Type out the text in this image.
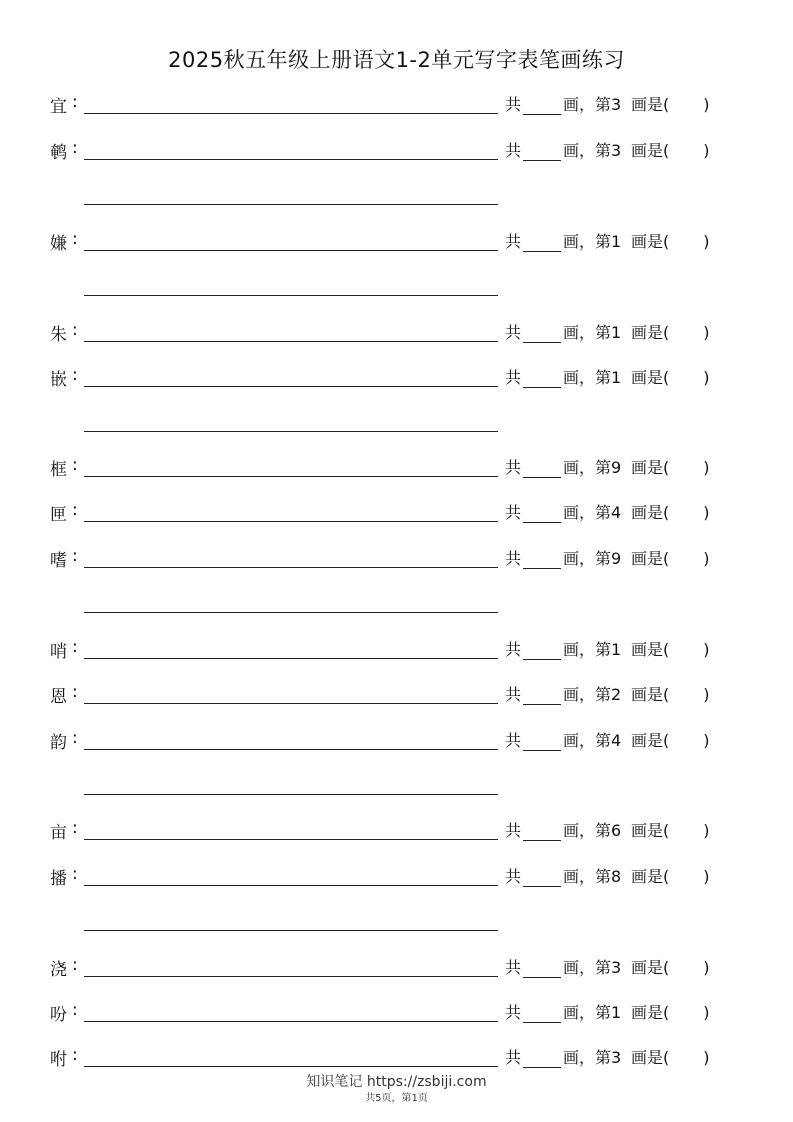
2025秋五年级上册语文1-2单元写字表笔画练习
宜 :	共	画，第3 画是( )
鹌 :	共	画，第3 画是( )
嫌 :	共	画，第1 画是( )
朱 :	共	画，第1 画是( )
嵌 :	共	画，第1 画是( )
框 :	共	画，第9 画是( )
匣 :	共	画，第4 画是( )
嗜 :	共	画，第9 画是( )
哨 :	共	画，第1 画是( )
恩 :	共	画，第2 画是( )
韵 :	共	画，第4 画是( )
亩 :	共	画，第6 画是( )
播 :	共	画，第8 画是( )
浇 :	共	画，第3 画是( )
吩 :	共	画，第1 画是( )
咐 :	共	画，第3 画是( )
知识笔记 https://zsbiji.com
共5页，第1页
